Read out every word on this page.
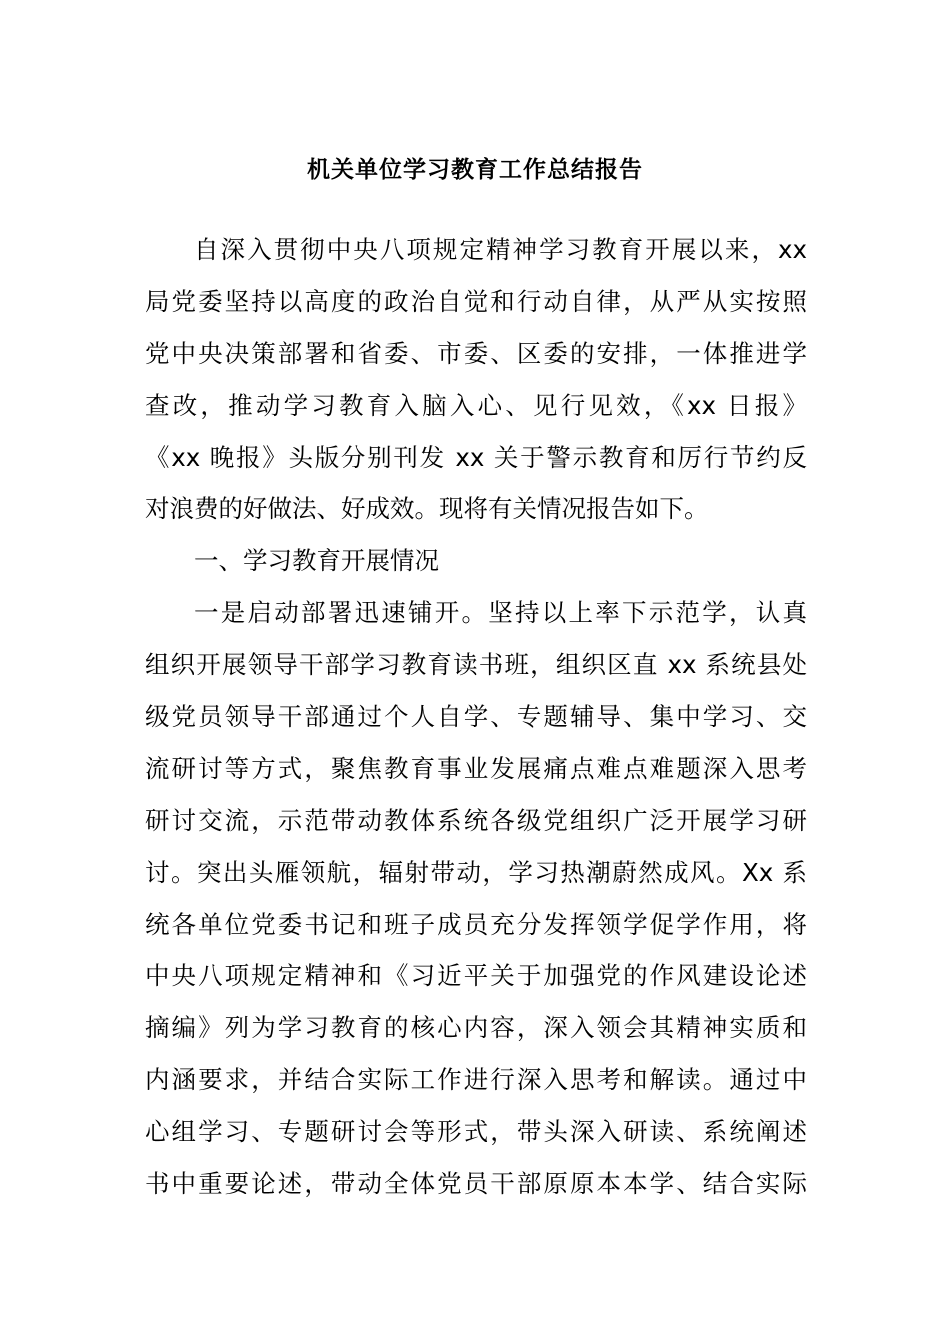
机关单位学习教育工作总结报告
自深入贯彻中央八项规定精神学习教育开展以来，xx
局党委坚持以高度的政治自觉和行动自律，从严从实按照
党中央决策部署和省委、市委、区委的安排，一体推进学
查改，推动学习教育入脑入心、见行见效，《xx 日报》
《xx 晚报》头版分别刊发 xx 关于警示教育和厉行节约反
对浪费的好做法、好成效。现将有关情况报告如下。
一、学习教育开展情况
一是启动部署迅速铺开。坚持以上率下示范学，认真
组织开展领导干部学习教育读书班，组织区直 xx 系统县处
级党员领导干部通过个人自学、专题辅导、集中学习、交
流研讨等方式，聚焦教育事业发展痛点难点难题深入思考
研讨交流，示范带动教体系统各级党组织广泛开展学习研
讨。突出头雁领航，辐射带动，学习热潮蔚然成风。Xx 系
统各单位党委书记和班子成员充分发挥领学促学作用，将
中央八项规定精神和《习近平关于加强党的作风建设论述
摘编》列为学习教育的核心内容，深入领会其精神实质和
内涵要求，并结合实际工作进行深入思考和解读。通过中
心组学习、专题研讨会等形式，带头深入研读、系统阐述
书中重要论述，带动全体党员干部原原本本学、结合实际
